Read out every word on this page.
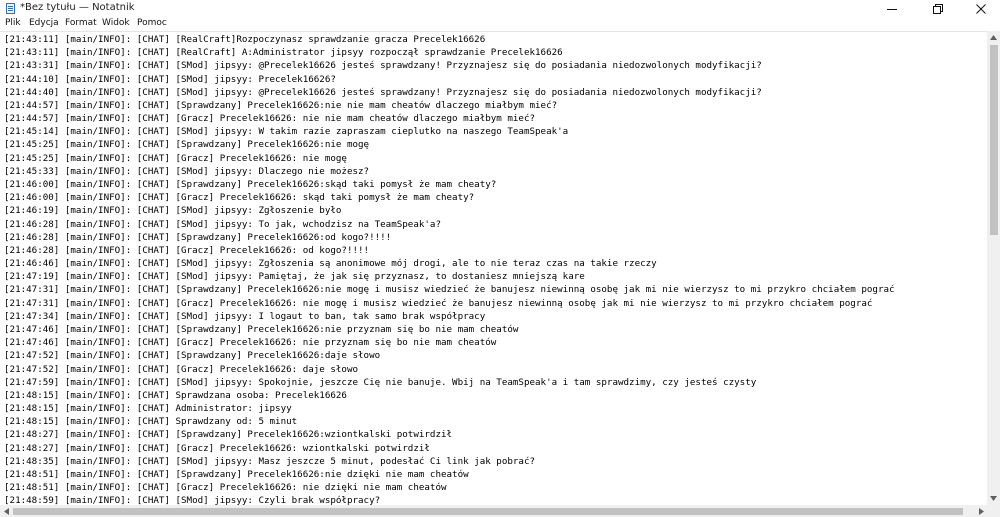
*Bez tytułu — Notatnik
Plik Edycja Format Widok Pomoc
[21:43:11] [main/INFO]: [CHAT] [RealCraft]Rozpoczynasz sprawdzanie gracza Precelek16626
[21:43:11] [main/INFO]: [CHAT] [RealCraft] A:Administrator jipsyy rozpoczął sprawdzanie Precelek16626
[21:43:31] [main/INFO]: [CHAT] [SMod] jipsyy: @Precelek16626 jesteś sprawdzany! Przyznajesz się do posiadania niedozwolonych modyfikacji?
[21:44:10] [main/INFO]: [CHAT] [SMod] jipsyy: Precelek16626?
[21:44:40] [main/INFO]: [CHAT] [SMod] jipsyy: @Precelek16626 jesteś sprawdzany! Przyznajesz się do posiadania niedozwolonych modyfikacji?
[21:44:57] [main/INFO]: [CHAT] [Sprawdzany] Precelek16626:nie nie mam cheatów dlaczego miałbym mieć?
[21:44:57] [main/INFO]: [CHAT] [Gracz] Precelek16626: nie nie mam cheatów dlaczego miałbym mieć?
[21:45:14] [main/INFO]: [CHAT] [SMod] jipsyy: W takim razie zapraszam cieplutko na naszego TeamSpeak'a
[21:45:25] [main/INFO]: [CHAT] [Sprawdzany] Precelek16626:nie mogę
[21:45:25] [main/INFO]: [CHAT] [Gracz] Precelek16626: nie mogę
[21:45:33] [main/INFO]: [CHAT] [SMod] jipsyy: Dlaczego nie możesz?
[21:46:00] [main/INFO]: [CHAT] [Sprawdzany] Precelek16626:skąd taki pomysł że mam cheaty?
[21:46:00] [main/INFO]: [CHAT] [Gracz] Precelek16626: skąd taki pomysł że mam cheaty?
[21:46:19] [main/INFO]: [CHAT] [SMod] jipsyy: Zgłoszenie było
[21:46:28] [main/INFO]: [CHAT] [SMod] jipsyy: To jak, wchodzisz na TeamSpeak'a?
[21:46:28] [main/INFO]: [CHAT] [Sprawdzany] Precelek16626:od kogo?!!!!
[21:46:28] [main/INFO]: [CHAT] [Gracz] Precelek16626: od kogo?!!!!
[21:46:46] [main/INFO]: [CHAT] [SMod] jipsyy: Zgłoszenia są anonimowe mój drogi, ale to nie teraz czas na takie rzeczy
[21:47:19] [main/INFO]: [CHAT] [SMod] jipsyy: Pamiętaj, że jak się przyznasz, to dostaniesz mniejszą kare
[21:47:31] [main/INFO]: [CHAT] [Sprawdzany] Precelek16626:nie mogę i musisz wiedzieć że banujesz niewinną osobę jak mi nie wierzysz to mi przykro chciałem pograć
[21:47:31] [main/INFO]: [CHAT] [Gracz] Precelek16626: nie mogę i musisz wiedzieć że banujesz niewinną osobę jak mi nie wierzysz to mi przykro chciałem pograć
[21:47:34] [main/INFO]: [CHAT] [SMod] jipsyy: I logaut to ban, tak samo brak współpracy
[21:47:46] [main/INFO]: [CHAT] [Sprawdzany] Precelek16626:nie przyznam się bo nie mam cheatów
[21:47:46] [main/INFO]: [CHAT] [Gracz] Precelek16626: nie przyznam się bo nie mam cheatów
[21:47:52] [main/INFO]: [CHAT] [Sprawdzany] Precelek16626:daje słowo
[21:47:52] [main/INFO]: [CHAT] [Gracz] Precelek16626: daje słowo
[21:47:59] [main/INFO]: [CHAT] [SMod] jipsyy: Spokojnie, jeszcze Cię nie banuje. Wbij na TeamSpeak'a i tam sprawdzimy, czy jesteś czysty
[21:48:15] [main/INFO]: [CHAT] Sprawdzana osoba: Precelek16626
[21:48:15] [main/INFO]: [CHAT] Administrator: jipsyy
[21:48:15] [main/INFO]: [CHAT] Sprawdzany od: 5 minut
[21:48:27] [main/INFO]: [CHAT] [Sprawdzany] Precelek16626:wziontkalski potwirdził
[21:48:27] [main/INFO]: [CHAT] [Gracz] Precelek16626: wziontkalski potwirdził
[21:48:35] [main/INFO]: [CHAT] [SMod] jipsyy: Masz jeszcze 5 minut, podesłać Ci link jak pobrać?
[21:48:51] [main/INFO]: [CHAT] [Sprawdzany] Precelek16626:nie dzięki nie mam cheatów
[21:48:51] [main/INFO]: [CHAT] [Gracz] Precelek16626: nie dzięki nie mam cheatów
[21:48:59] [main/INFO]: [CHAT] [SMod] jipsyy: Czyli brak współpracy?
